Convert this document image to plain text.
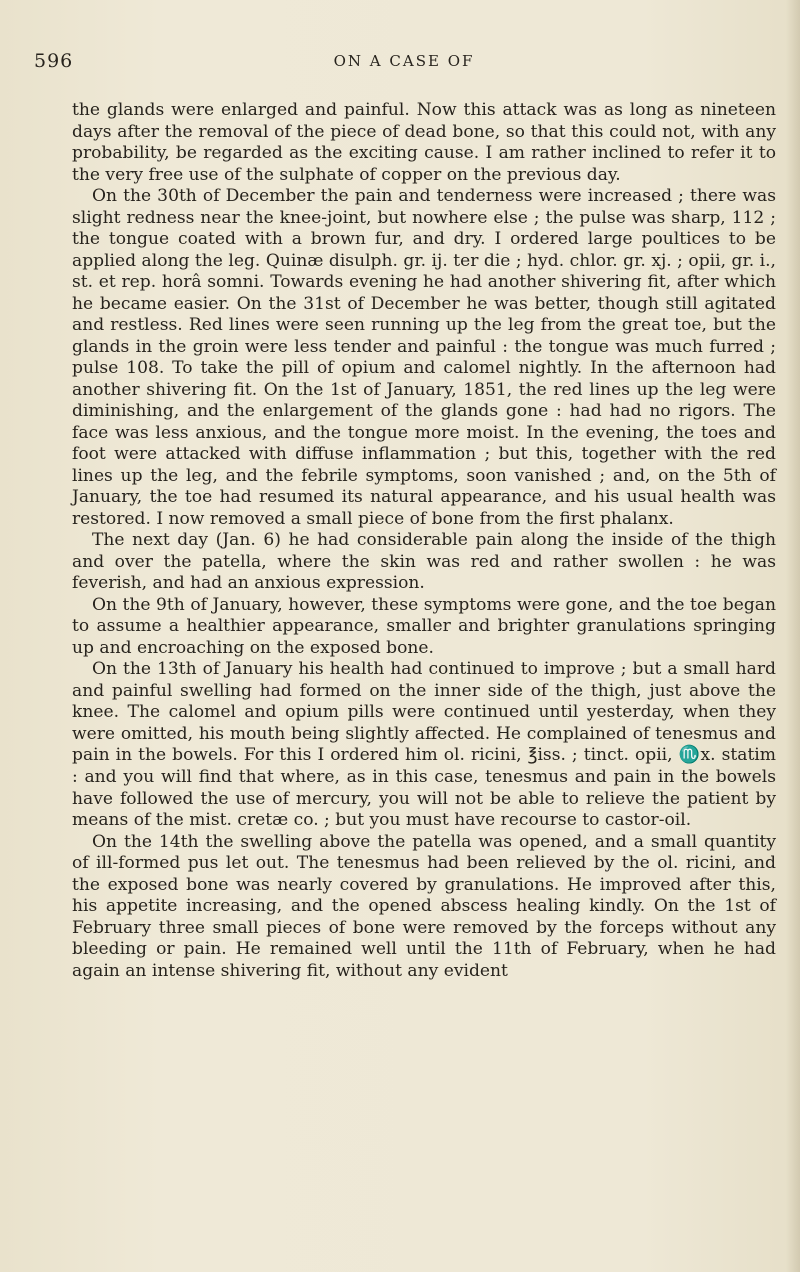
596	ON A CASE OF

the glands were enlarged and painful. Now this attack was as long as nineteen days after the removal of the piece of dead bone, so that this could not, with any probability, be regarded as the exciting cause. I am rather inclined to refer it to the very free use of the sulphate of copper on the previous day.

On the 30th of December the pain and tenderness were increased ; there was slight redness near the knee-joint, but nowhere else ; the pulse was sharp, 112 ; the tongue coated with a brown fur, and dry. I ordered large poultices to be applied along the leg. Quinæ disulph. gr. ij. ter die ; hyd. chlor. gr. xj. ; opii, gr. i., st. et rep. horâ somni. Towards evening he had another shivering fit, after which he became easier. On the 31st of December he was better, though still agitated and restless. Red lines were seen running up the leg from the great toe, but the glands in the groin were less tender and painful : the tongue was much furred ; pulse 108. To take the pill of opium and calomel nightly. In the afternoon had another shivering fit. On the 1st of January, 1851, the red lines up the leg were diminishing, and the enlargement of the glands gone : had had no rigors. The face was less anxious, and the tongue more moist. In the evening, the toes and foot were attacked with diffuse inflammation ; but this, together with the red lines up the leg, and the febrile symptoms, soon vanished ; and, on the 5th of January, the toe had resumed its natural appearance, and his usual health was restored. I now removed a small piece of bone from the first phalanx.

The next day (Jan. 6) he had considerable pain along the inside of the thigh and over the patella, where the skin was red and rather swollen : he was feverish, and had an anxious expression.

On the 9th of January, however, these symptoms were gone, and the toe began to assume a healthier appearance, smaller and brighter granulations springing up and encroaching on the exposed bone.

On the 13th of January his health had continued to improve ; but a small hard and painful swelling had formed on the inner side of the thigh, just above the knee. The calomel and opium pills were continued until yesterday, when they were omitted, his mouth being slightly affected. He complained of tenesmus and pain in the bowels. For this I ordered him ol. ricini, ℥iss. ; tinct. opii, ♏x. statim : and you will find that where, as in this case, tenesmus and pain in the bowels have followed the use of mercury, you will not be able to relieve the patient by means of the mist. cretæ co. ; but you must have recourse to castor-oil.

On the 14th the swelling above the patella was opened, and a small quantity of ill-formed pus let out. The tenesmus had been relieved by the ol. ricini, and the exposed bone was nearly covered by granulations. He improved after this, his appetite increasing, and the opened abscess healing kindly. On the 1st of February three small pieces of bone were removed by the forceps without any bleeding or pain. He remained well until the 11th of February, when he had again an intense shivering fit, without any evident
